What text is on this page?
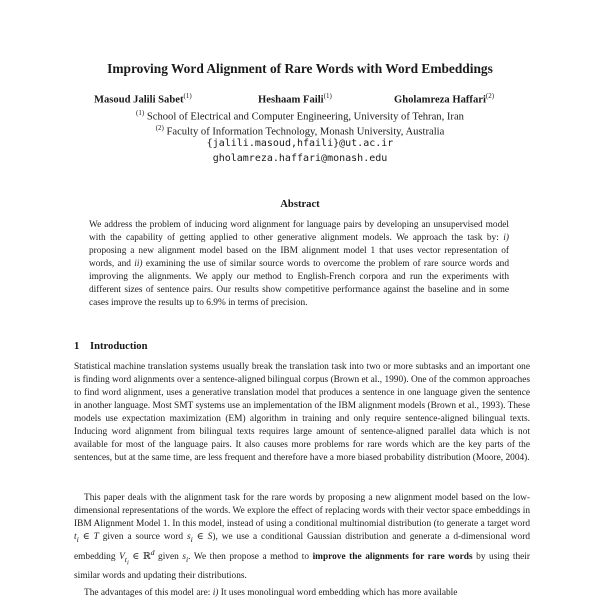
Improving Word Alignment of Rare Words with Word Embeddings
Masoud Jalili Sabet$^{(1)}$	Heshaam Faili$^{(1)}$	Gholamreza Haffari$^{(2)}$
$^{(1)}$ School of Electrical and Computer Engineering, University of Tehran, Iran
$^{(2)}$ Faculty of Information Technology, Monash University, Australia
{jalili.masoud,hfaili}@ut.ac.ir
gholamreza.haffari@monash.edu
Abstract

We address the problem of inducing word alignment for language pairs by developing an unsupervised model with the capability of getting applied to other generative alignment models. We approach the task by: i) proposing a new alignment model based on the IBM alignment model 1 that uses vector representation of words, and ii) examining the use of similar source words to overcome the problem of rare source words and improving the alignments. We apply our method to English-French corpora and run the experiments with different sizes of sentence pairs. Our results show competitive performance against the baseline and in some cases improve the results up to 6.9% in terms of precision.

1 Introduction

Statistical machine translation systems usually break the translation task into two or more subtasks and an important one is finding word alignments over a sentence-aligned bilingual corpus (Brown et al., 1990). One of the common approaches to find word alignment, uses a generative translation model that produces a sentence in one language given the sentence in another language. Most SMT systems use an implementation of the IBM alignment models (Brown et al., 1993). These models use expectation maximization (EM) algorithm in training and only require sentence-aligned bilingual texts. Inducing word alignment from bilingual texts requires large amount of sentence-aligned parallel data which is not available for most of the language pairs. It also causes more problems for rare words which are the key parts of the sentences, but at the same time, are less frequent and therefore have a more biased probability distribution (Moore, 2004).

This paper deals with the alignment task for the rare words by proposing a new alignment model based on the low-dimensional representations of the words. We explore the effect of replacing words with their vector space embeddings in IBM Alignment Model 1. In this model, instead of using a conditional multinomial distribution (to generate a target word $t_i$ ∈ T given a source word $s_i$ ∈ S), we use a conditional Gaussian distribution and generate a d-dimensional word embedding $V_{t_i}$ ∈ ℝ$^d$ given $s_i$. We then propose a method to improve the alignments for rare words by using their similar words and updating their distributions.

The advantages of this model are: i) It uses monolingual word embedding which has more available
